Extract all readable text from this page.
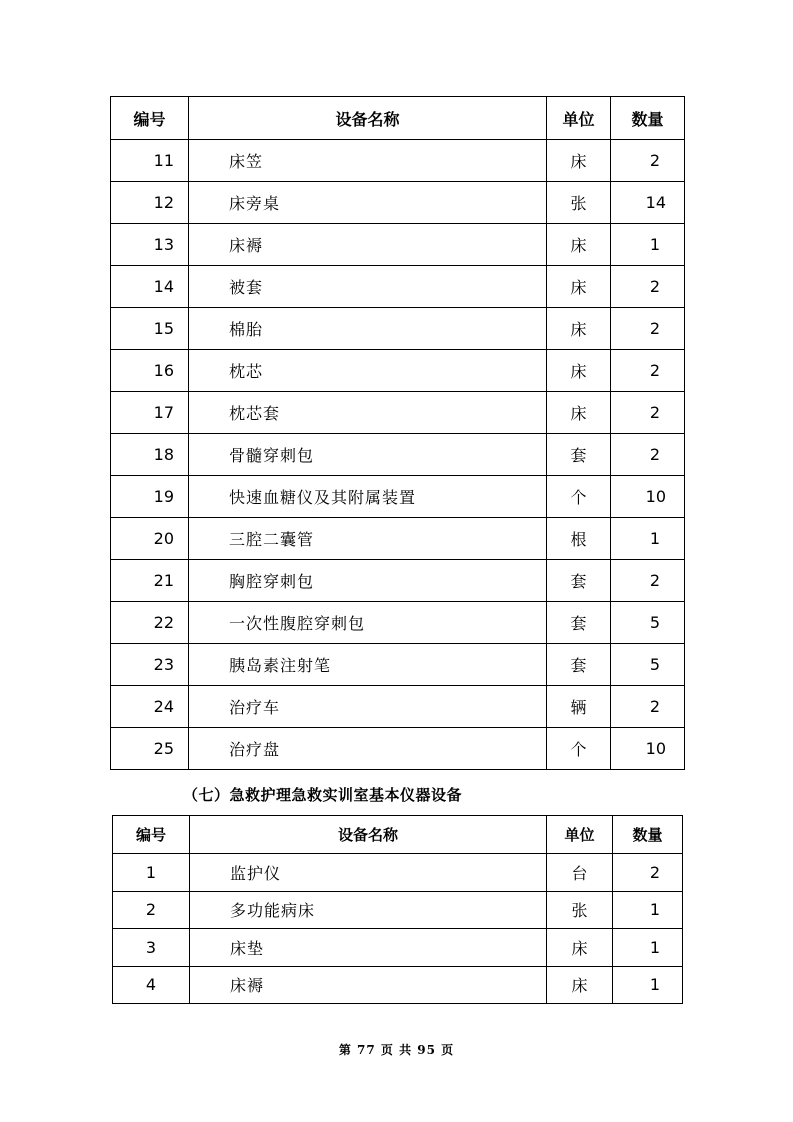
编号	设备名称	单位	数量
11	床笠	床	2
12	床旁桌	张	14
13	床褥	床	1
14	被套	床	2
15	棉胎	床	2
16	枕芯	床	2
17	枕芯套	床	2
18	骨髓穿刺包	套	2
19	快速血糖仪及其附属装置	个	10
20	三腔二囊管	根	1
21	胸腔穿刺包	套	2
22	一次性腹腔穿刺包	套	5
23	胰岛素注射笔	套	5
24	治疗车	辆	2
25	治疗盘	个	10
（七）急救护理急救实训室基本仪器设备
编号	设备名称	单位	数量
1	监护仪	台	2
2	多功能病床	张	1
3	床垫	床	1
4	床褥	床	1
第 77 页 共 95 页
